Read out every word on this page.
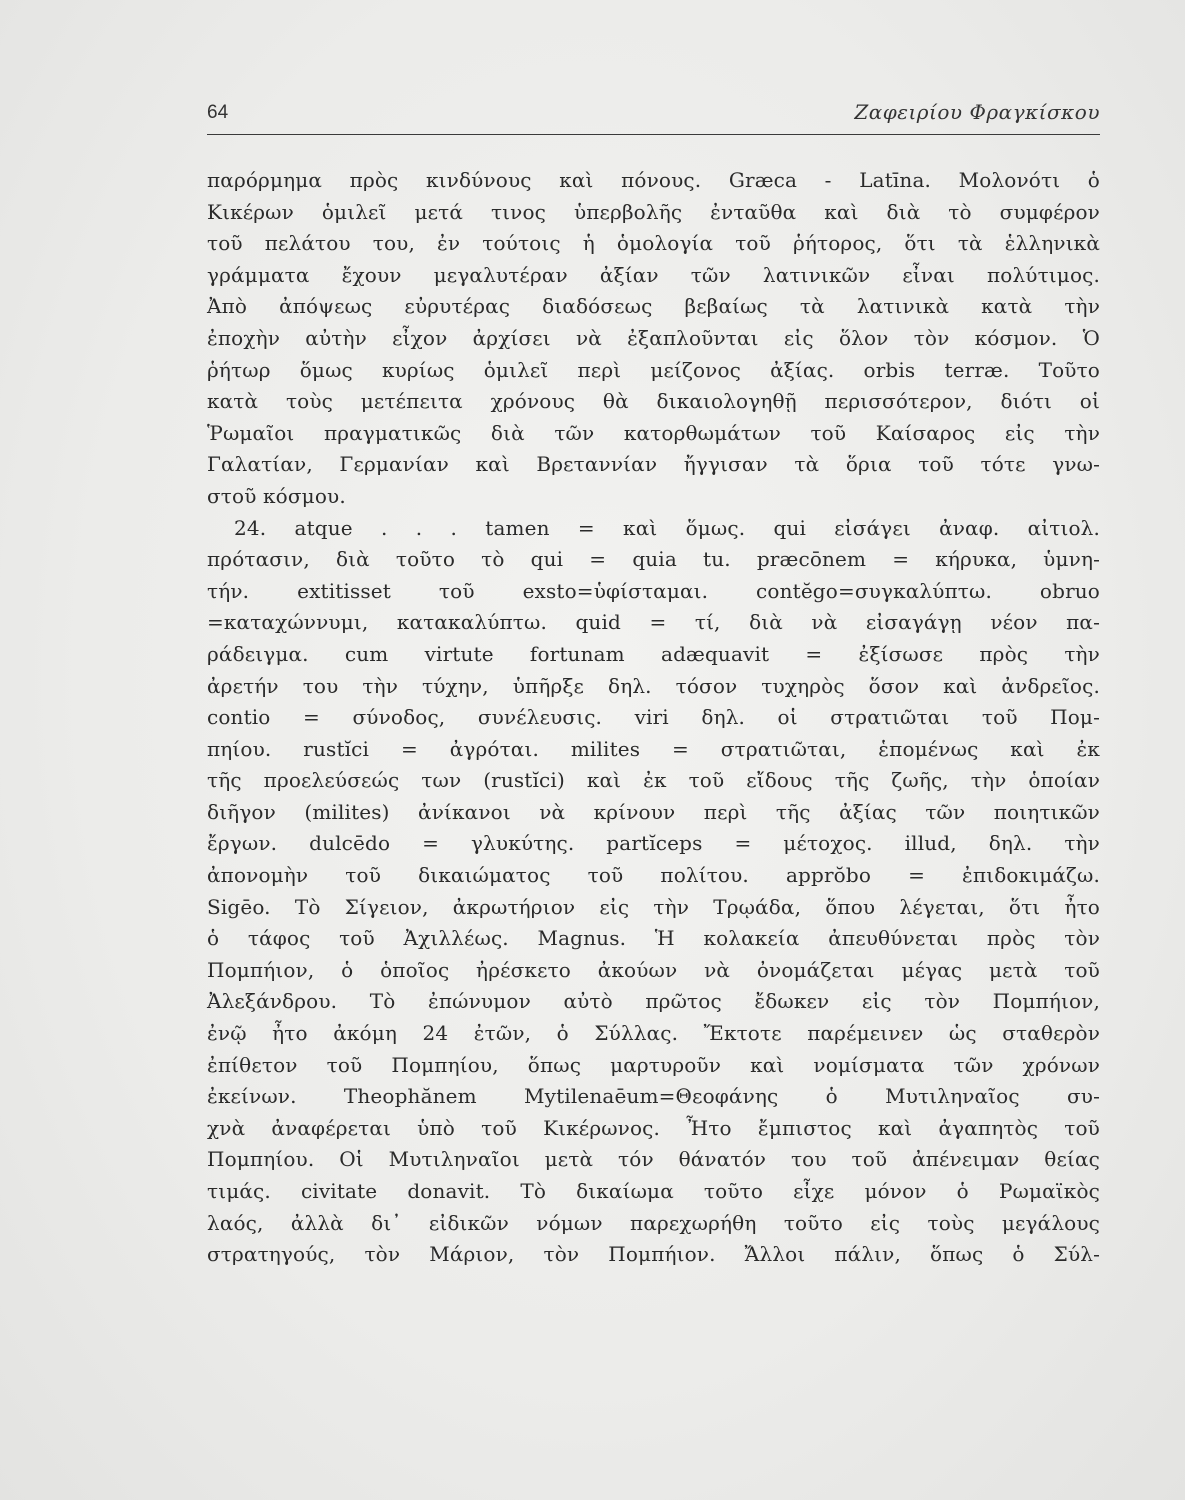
64	Ζαφειρίου Φραγκίσκου
παρόρμημα πρὸς κινδύνους καὶ πόνους. Græca - Latīna. Μολονότι ὁ
Κικέρων ὁμιλεῖ μετά τινος ὑπερβολῆς ἐνταῦθα καὶ διὰ τὸ συμφέρον
τοῦ πελάτου του, ἐν τούτοις ἡ ὁμολογία τοῦ ῥήτορος, ὅτι τὰ ἑλληνικὰ
γράμματα ἔχουν μεγαλυτέραν ἀξίαν τῶν λατινικῶν εἶναι πολύτιμος.
Ἀπὸ ἀπόψεως εὐρυτέρας διαδόσεως βεβαίως τὰ λατινικὰ κατὰ τὴν
ἐποχὴν αὐτὴν εἶχον ἀρχίσει νὰ ἐξαπλοῦνται εἰς ὅλον τὸν κόσμον. Ὁ
ῥήτωρ ὅμως κυρίως ὁμιλεῖ περὶ μείζονος ἀξίας. orbis terræ. Τοῦτο
κατὰ τοὺς μετέπειτα χρόνους θὰ δικαιολογηθῇ περισσότερον, διότι οἱ
Ῥωμαῖοι πραγματικῶς διὰ τῶν κατορθωμάτων τοῦ Καίσαρος εἰς τὴν
Γαλατίαν, Γερμανίαν καὶ Βρεταννίαν ἤγγισαν τὰ ὅρια τοῦ τότε γνω-
στοῦ κόσμου.
24. atque . . . tamen = καὶ ὅμως. qui εἰσάγει ἀναφ. αἰτιολ.
πρότασιν, διὰ τοῦτο τὸ qui = quia tu. præcōnem = κήρυκα, ὑμνη-
τήν. extitisset τοῦ exsto=ὑφίσταμαι. contĕgo=συγκαλύπτω. obruo
=καταχώννυμι, κατακαλύπτω. quid = τί, διὰ νὰ εἰσαγάγῃ νέον πα-
ράδειγμα. cum virtute fortunam adæquavit = ἐξίσωσε πρὸς τὴν
ἀρετήν του τὴν τύχην, ὑπῆρξε δηλ. τόσον τυχηρὸς ὅσον καὶ ἀνδρεῖος.
contio = σύνοδος, συνέλευσις. viri δηλ. οἱ στρατιῶται τοῦ Πομ-
πηίου. rustĭci = ἀγρόται. milites = στρατιῶται, ἑπομένως καὶ ἐκ
τῆς προελεύσεώς των (rustĭci) καὶ ἐκ τοῦ εἴδους τῆς ζωῆς, τὴν ὁποίαν
διῆγον (milites) ἀνίκανοι νὰ κρίνουν περὶ τῆς ἀξίας τῶν ποιητικῶν
ἔργων. dulcēdo = γλυκύτης. partĭceps = μέτοχος. illud, δηλ. τὴν
ἀπονομὴν τοῦ δικαιώματος τοῦ πολίτου. apprŏbo = ἐπιδοκιμάζω.
Sigēo. Τὸ Σίγειον, ἀκρωτήριον εἰς τὴν Τρῳάδα, ὅπου λέγεται, ὅτι ἦτο
ὁ τάφος τοῦ Ἀχιλλέως. Magnus. Ἡ κολακεία ἀπευθύνεται πρὸς τὸν
Πομπήιον, ὁ ὁποῖος ἠρέσκετο ἀκούων νὰ ὀνομάζεται μέγας μετὰ τοῦ
Ἀλεξάνδρου. Τὸ ἐπώνυμον αὐτὸ πρῶτος ἔδωκεν εἰς τὸν Πομπήιον,
ἐνῷ ἦτο ἀκόμη 24 ἐτῶν, ὁ Σύλλας. Ἔκτοτε παρέμεινεν ὡς σταθερὸν
ἐπίθετον τοῦ Πομπηίου, ὅπως μαρτυροῦν καὶ νομίσματα τῶν χρόνων
ἐκείνων. Theophănem Mytilenaēum=Θεοφάνης ὁ Μυτιληναῖος συ-
χνὰ ἀναφέρεται ὑπὸ τοῦ Κικέρωνος. Ἦτο ἔμπιστος καὶ ἀγαπητὸς τοῦ
Πομπηίου. Οἱ Μυτιληναῖοι μετὰ τόν θάνατόν του τοῦ ἀπένειμαν θείας
τιμάς. civitate donavit. Τὸ δικαίωμα τοῦτο εἶχε μόνον ὁ Ρωμαϊκὸς
λαός, ἀλλὰ δι᾽ εἰδικῶν νόμων παρεχωρήθη τοῦτο εἰς τοὺς μεγάλους
στρατηγούς, τὸν Μάριον, τὸν Πομπήιον. Ἄλλοι πάλιν, ὅπως ὁ Σύλ-
